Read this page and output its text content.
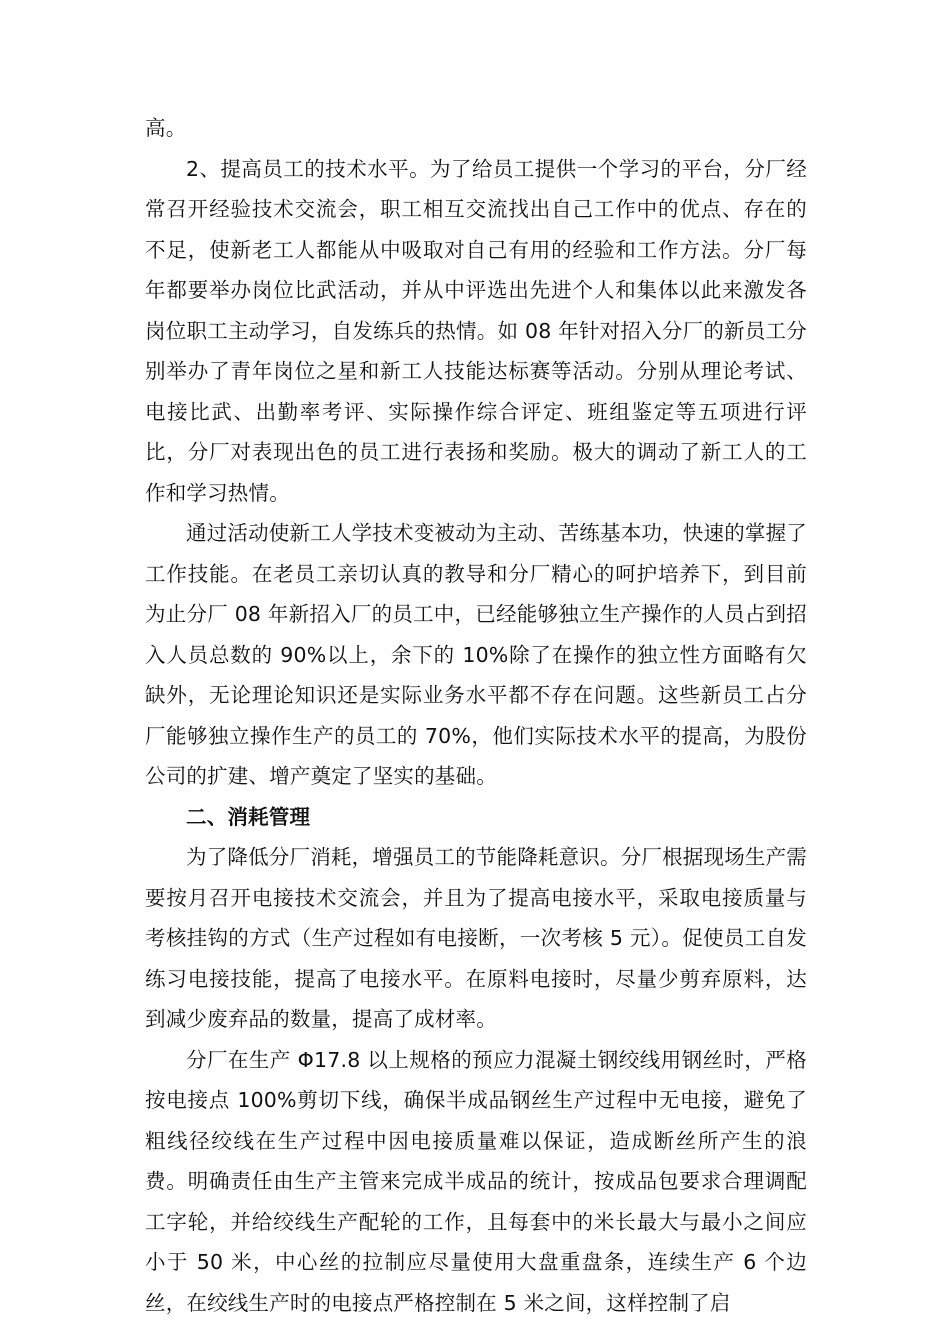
高。

2、提高员工的技术水平。为了给员工提供一个学习的平台，分厂经常召开经验技术交流会，职工相互交流找出自己工作中的优点、存在的不足，使新老工人都能从中吸取对自己有用的经验和工作方法。分厂每年都要举办岗位比武活动，并从中评选出先进个人和集体以此来激发各岗位职工主动学习，自发练兵的热情。如 08 年针对招入分厂的新员工分别举办了青年岗位之星和新工人技能达标赛等活动。分别从理论考试、电接比武、出勤率考评、实际操作综合评定、班组鉴定等五项进行评比，分厂对表现出色的员工进行表扬和奖励。极大的调动了新工人的工作和学习热情。

通过活动使新工人学技术变被动为主动、苦练基本功，快速的掌握了工作技能。在老员工亲切认真的教导和分厂精心的呵护培养下，到目前为止分厂 08 年新招入厂的员工中，已经能够独立生产操作的人员占到招入人员总数的 90%以上，余下的 10%除了在操作的独立性方面略有欠缺外，无论理论知识还是实际业务水平都不存在问题。这些新员工占分厂能够独立操作生产的员工的 70%，他们实际技术水平的提高，为股份公司的扩建、增产奠定了坚实的基础。

二、消耗管理

为了降低分厂消耗，增强员工的节能降耗意识。分厂根据现场生产需要按月召开电接技术交流会，并且为了提高电接水平，采取电接质量与考核挂钩的方式（生产过程如有电接断，一次考核 5 元）。促使员工自发练习电接技能，提高了电接水平。在原料电接时，尽量少剪弃原料，达到减少废弃品的数量，提高了成材率。

分厂在生产 Φ17.8 以上规格的预应力混凝土钢绞线用钢丝时，严格按电接点 100%剪切下线，确保半成品钢丝生产过程中无电接，避免了粗线径绞线在生产过程中因电接质量难以保证，造成断丝所产生的浪费。明确责任由生产主管来完成半成品的统计，按成品包要求合理调配工字轮，并给绞线生产配轮的工作，且每套中的米长最大与最小之间应小于 50 米，中心丝的拉制应尽量使用大盘重盘条，连续生产 6 个边丝，在绞线生产时的电接点严格控制在 5 米之间，这样控制了启
